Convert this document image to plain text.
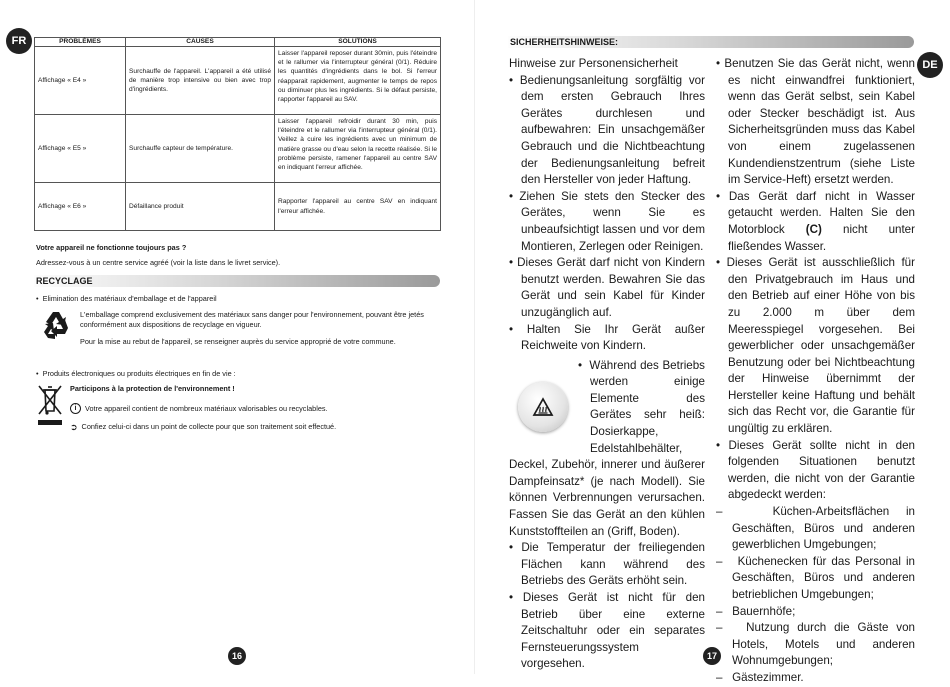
FR	PROBLÈMES	CAUSES	SOLUTIONS
Affichage « E4 »	Surchauffe de l'appareil. L'appareil a été utilisé de manière trop intensive ou bien avec trop d'ingrédients.	Laisser l'appareil reposer durant 30min, puis l'éteindre et le rallumer via l'interrupteur général (0/1). Réduire les quantités d'ingrédients dans le bol. Si l'erreur réapparait rapidement, augmenter le temps de repos ou diminuer plus les ingrédients. Si le défaut persiste, rapporter l'appareil au SAV.
Affichage « E5 »	Surchauffe capteur de température.	Laisser l'appareil refroidir durant 30 min, puis l'éteindre et le rallumer via l'interrupteur général (0/1). Veillez à cuire les ingrédients avec un minimum de matière grasse ou d'eau selon la recette réalisée. Si le problème persiste, ramener l'appareil au centre SAV en indiquant l'erreur affichée.
Affichage « E6 »	Défaillance produit	Rapporter l'appareil au centre SAV en indiquant l'erreur affichée.
Votre appareil ne fonctionne toujours pas ?
Adressez-vous à un centre service agréé (voir la liste dans le livret service).
RECYCLAGE
•  Elimination des matériaux d'emballage et de l'appareil
L'emballage comprend exclusivement des matériaux sans danger pour l'environnement, pouvant être jetés conformément aux dispositions de recyclage en vigueur.
Pour la mise au rebut de l'appareil, se renseigner auprès du service approprié de votre commune.
•  Produits électroniques ou produits électriques en fin de vie :
Participons à la protection de l'environnement !
i	Votre appareil contient de nombreux matériaux valorisables ou recyclables.
➲ Confiez celui-ci dans un point de collecte pour que son traitement soit effectué.
16
SICHERHEITSHINWEISE:
DE

Hinweise zur Personensicherheit

• Bedienungsanleitung sorgfältig vor dem ersten Gebrauch Ihres Gerätes durchlesen und aufbewahren: Ein unsachgemäßer Gebrauch und die Nichtbeachtung der Bedienungsanleitung befreit den Hersteller von jeder Haftung.

• Ziehen Sie stets den Stecker des Gerätes, wenn Sie es unbeaufsichtigt lassen und vor dem Montieren, Zerlegen oder Reinigen.

• Dieses Gerät darf nicht von Kindern benutzt werden. Bewahren Sie das Gerät und sein Kabel für Kinder unzugänglich auf.

• Halten Sie Ihr Gerät außer Reichweite von Kindern.

•  Während des Betriebs werden einige Elemente des Gerätes sehr heiß: Dosierkappe, Edelstahlbehälter,

Deckel, Zubehör, innerer und äußerer Dampfeinsatz* (je nach Modell). Sie können Verbrennungen verursachen. Fassen Sie das Gerät an den kühlen Kunststoffteilen an (Griff, Boden).

• Die Temperatur der freiliegenden Flächen kann während des Betriebs des Geräts erhöht sein.

• Dieses Gerät ist nicht für den Betrieb über eine externe Zeitschaltuhr oder ein separates Fernsteuerungssystem vorgesehen.

• Benutzen Sie das Gerät nicht, wenn es nicht einwandfrei funktioniert, wenn das Gerät selbst, sein Kabel oder Stecker beschädigt ist. Aus Sicherheitsgründen muss das Kabel von einem zugelassenen Kundendienstzentrum (siehe Liste im Service-Heft) ersetzt werden.

• Das Gerät darf nicht in Wasser getaucht werden. Halten Sie den Motorblock (C) nicht unter fließendes Wasser.

• Dieses Gerät ist ausschließlich für den Privatgebrauch im Haus und den Betrieb auf einer Höhe von bis zu 2.000 m über dem Meeresspiegel vorgesehen. Bei gewerblicher oder unsachgemäßer Benutzung oder bei Nichtbeachtung der Hinweise übernimmt der Hersteller keine Haftung und behält sich das Recht vor, die Garantie für ungültig zu erklären.

• Dieses Gerät sollte nicht in den folgenden Situationen benutzt werden, die nicht von der Garantie abgedeckt werden:

–   Küchen-Arbeitsflächen in Geschäften, Büros und anderen gewerblichen Umgebungen;

–   Küchenecken für das Personal in Geschäften, Büros und anderen betrieblichen Umgebungen;

–   Bauernhöfe;

–   Nutzung durch die Gäste von Hotels, Motels und anderen Wohnumgebungen;

–   Gästezimmer.

17
